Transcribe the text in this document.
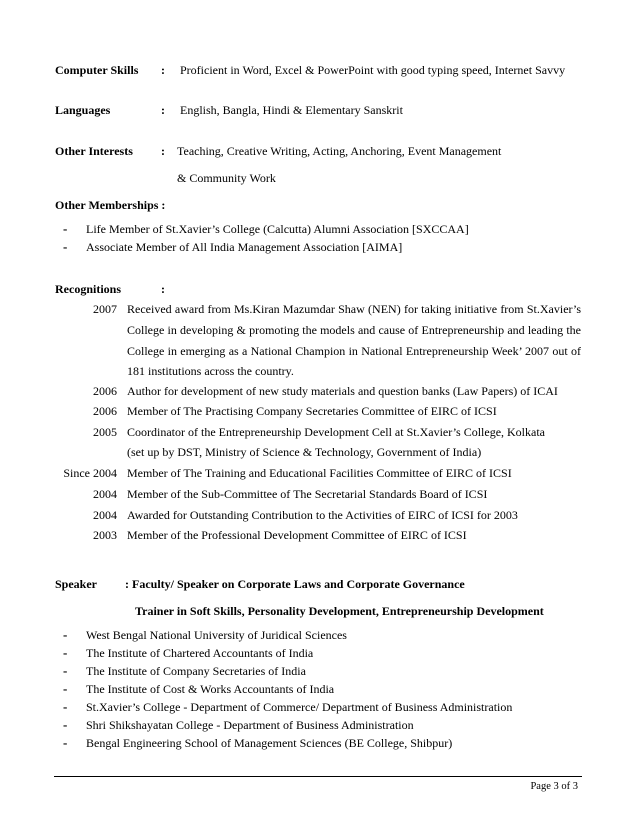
Computer Skills : Proficient in Word, Excel & PowerPoint with good typing speed, Internet Savvy
Languages	: English, Bangla, Hindi & Elementary Sanskrit
Other Interests : Teaching, Creative Writing, Acting, Anchoring, Event Management
& Community Work
Other Memberships :
- Life Member of St.Xavier’s College (Calcutta) Alumni Association [SXCCAA]
- Associate Member of All India Management Association [AIMA]
Recognitions	:
2007 Received award from Ms.Kiran Mazumdar Shaw (NEN) for taking initiative from St.Xavier’s
College in developing & promoting the models and cause of Entrepreneurship and leading the
College in emerging as a National Champion in National Entrepreneurship Week’ 2007 out of
181 institutions across the country.
2006 Author for development of new study materials and question banks (Law Papers) of ICAI
2006 Member of The Practising Company Secretaries Committee of EIRC of ICSI
2005 Coordinator of the Entrepreneurship Development Cell at St.Xavier’s College, Kolkata
(set up by DST, Ministry of Science & Technology, Government of India)
Since 2004 Member of The Training and Educational Facilities Committee of EIRC of ICSI
2004 Member of the Sub-Committee of The Secretarial Standards Board of ICSI
2004 Awarded for Outstanding Contribution to the Activities of EIRC of ICSI for 2003
2003 Member of the Professional Development Committee of EIRC of ICSI
Speaker : Faculty/ Speaker on Corporate Laws and Corporate Governance
Trainer in Soft Skills, Personality Development, Entrepreneurship Development
- West Bengal National University of Juridical Sciences
- The Institute of Chartered Accountants of India
- The Institute of Company Secretaries of India
- The Institute of Cost & Works Accountants of India
- St.Xavier’s College - Department of Commerce/ Department of Business Administration
- Shri Shikshayatan College - Department of Business Administration
- Bengal Engineering School of Management Sciences (BE College, Shibpur)
Page 3 of 3
